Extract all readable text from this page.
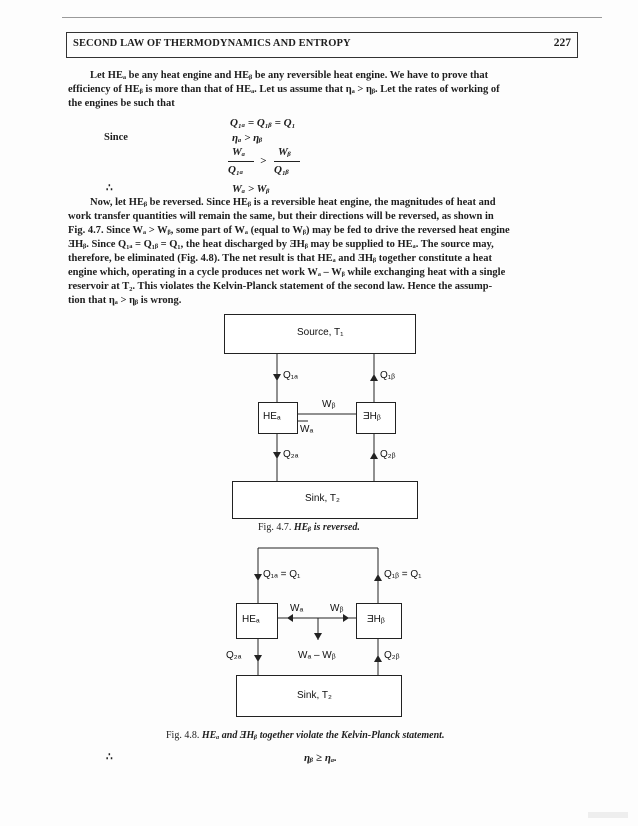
SECOND LAW OF THERMODYNAMICS AND ENTROPY	227
Let HEₐ be any heat engine and HEᵦ be any reversible heat engine. We have to prove that
efficiency of HEᵦ is more than that of HEₐ. Let us assume that ηₐ > ηᵦ. Let the rates of working of
the engines be such that
Q₁ₐ = Q₁ᵦ = Q₁
Since	ηₐ > ηᵦ
Wₐ
Q₁ₐ
>
Wᵦ
Q₁ᵦ
∴	Wₐ > Wᵦ
Now, let HEᵦ be reversed. Since HEᵦ is a reversible heat engine, the magnitudes of heat and
work transfer quantities will remain the same, but their directions will be reversed, as shown in
Fig. 4.7. Since Wₐ > Wᵦ, some part of Wₐ (equal to Wᵦ) may be fed to drive the reversed heat engine
ƎHᵦ. Since Q₁ₐ = Q₁ᵦ = Q₁, the heat discharged by ƎHᵦ may be supplied to HEₐ. The source may,
therefore, be eliminated (Fig. 4.8). The net result is that HEₐ and ƎHᵦ together constitute a heat
engine which, operating in a cycle produces net work Wₐ – Wᵦ while exchanging heat with a single
reservoir at T₂. This violates the Kelvin-Planck statement of the second law. Hence the assump-
tion that ηₐ > ηᵦ is wrong.
Source, T₁
Q₁ₐ	Q₁ᵦ
HEₐ
Wᵦ
Wₐ
ƎHᵦ
Q₂ₐ	Q₂ᵦ
Sink, T₂
Fig. 4.7. HEᵦ is reversed.
Q₁ₐ = Q₁	Q₁ᵦ = Q₁
HEₐ
Wₐ	Wᵦ
ƎHᵦ
Q₂ₐ	Wₐ – Wᵦ	Q₂ᵦ
Sink, T₂
Fig. 4.8. HEₐ and ƎHᵦ together violate the Kelvin-Planck statement.
∴	ηᵦ ≥ ηₐ.
